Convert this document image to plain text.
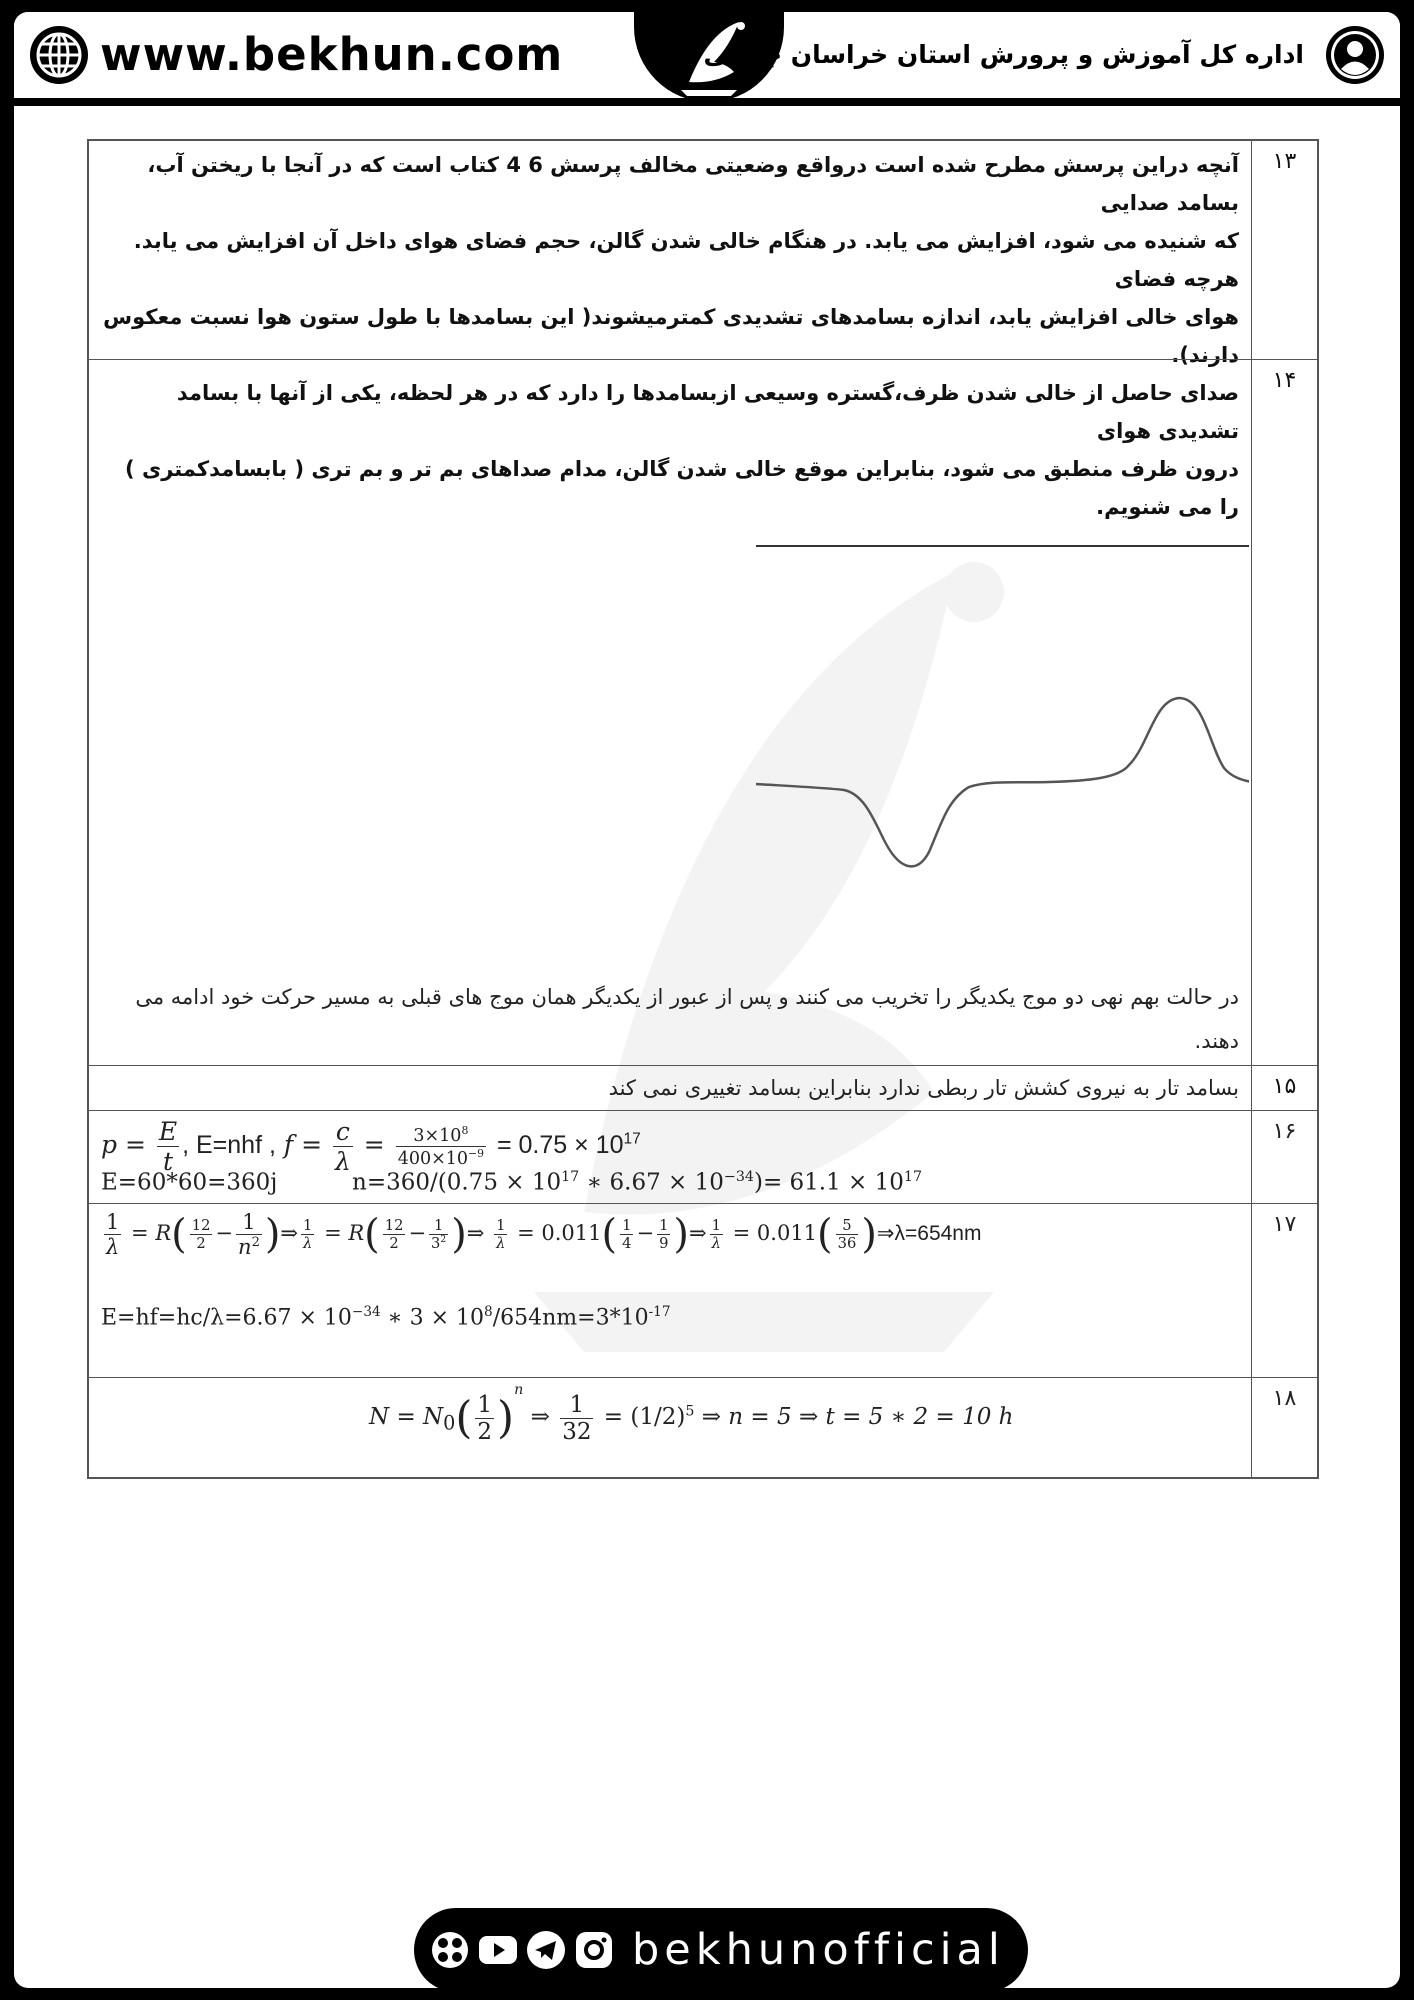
www.bekhun.com	اداره کل آموزش و پرورش استان خراسان جنوبی
۱۳

آنچه دراین پرسش مطرح شده است درواقع وضعیتی مخالف پرسش 6 4 کتاب است که در آنجا با ریختن آب، بسامد صدایی

که شنیده می شود، افزایش می یابد. در هنگام خالی شدن گالن، حجم فضای هوای داخل آن افزایش می یابد. هرچه فضای

هوای خالی افزایش یابد، اندازه بسامدهای تشدیدی کمترمیشوند( این بسامدها با طول ستون هوا نسبت معکوس دارند).

صدای حاصل از خالی شدن ظرف،گستره وسیعی ازبسامدها را دارد که در هر لحظه، یکی از آنها با بسامد تشدیدی هوای

درون ظرف منطبق می شود، بنابراین موقع خالی شدن گالن، مدام صداهای بم تر و بم تری ( بابسامدکمتری ) را می شنویم.

۱۴
در حالت بهم نهی دو موج یکدیگر را تخریب می کنند و پس از عبور از یکدیگر همان موج های قبلی به مسیر حرکت خود ادامه می دهند.
۱۵
بسامد تار به نیروی کشش تار ربطی ندارد بنابراین بسامد تغییری نمی کند
۱۶
$p = \frac{E}{t}$ , E=nhf , $f = \frac{c}{\lambda} = \frac{3\times 10^8}{400\times 10^{-9}} = 0.75 \times 10^{17}$
E=60*60=360j	$n=360/(0.75 \times 10^{17}$ ∗ $6.67 \times 10^{-34})= 61.1 \times 10^{17}$
۱۷
$\frac{1}{\lambda} = R( \frac{12}{2} - \frac{1}{n^2}$ )⇒ $\frac{1}{\lambda} = R( \frac{12}{2} - \frac{1}{3^2}$ )⇒ $\frac{1}{\lambda} = 0.011( \frac{1}{4} - \frac{1}{9}$ )⇒ $\frac{1}{\lambda} = 0.011( \frac{5}{36}$ )⇒λ=654nm
$E=hf=hc/\lambda=6.67 \times 10^{-34}$ ∗ $3 \times 10^8/654nm=3*10^{-17}$
۱۸
$N = N_0( \frac{1}{2} )^n$ ⇒ $\frac{1}{32} = (1/2)^5$ ⇒ n = 5 ⇒ t = 5 ∗ 2 = 10 h
bekhunofficial
